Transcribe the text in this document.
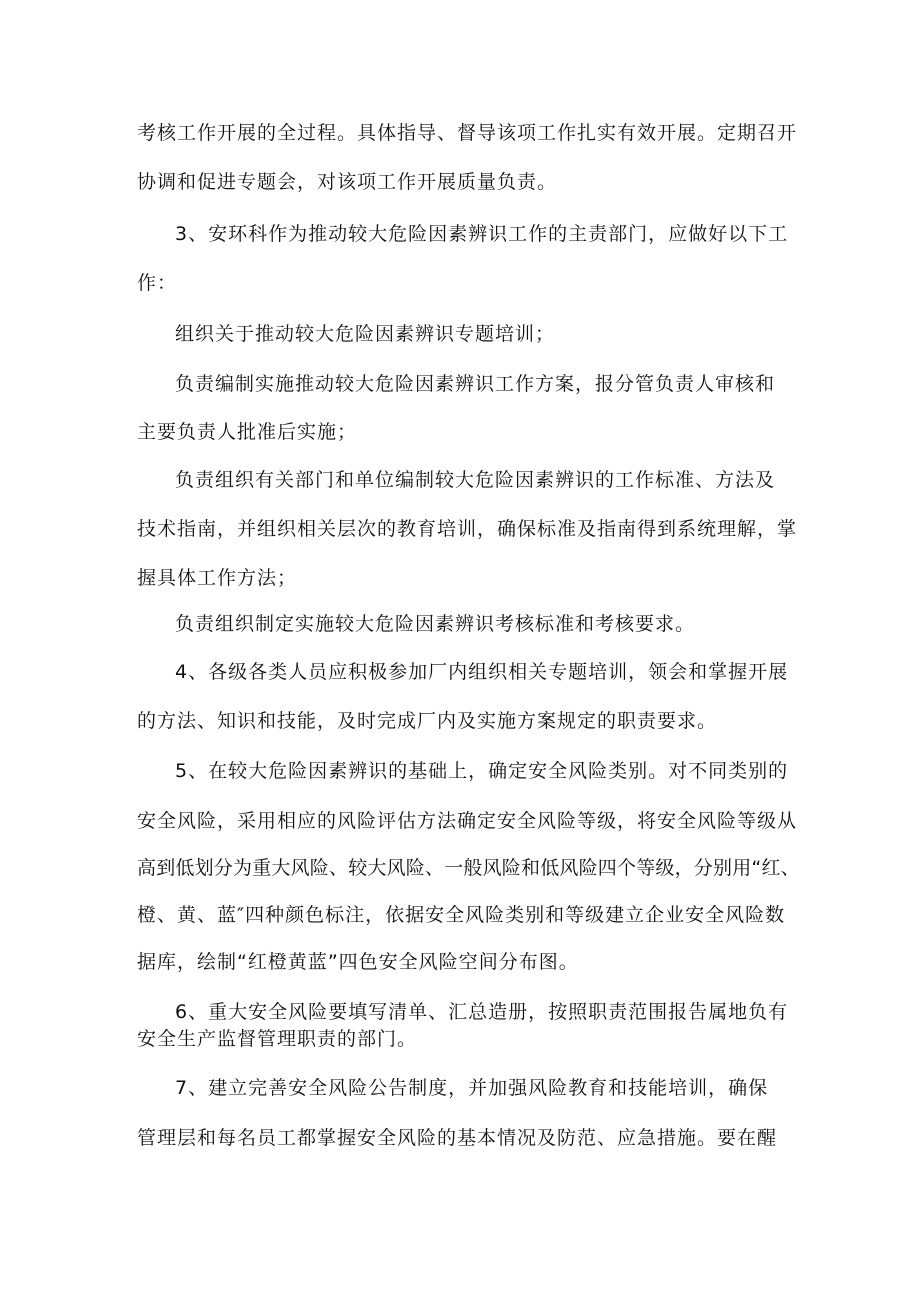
考核工作开展的全过程。具体指导、督导该项工作扎实有效开展。定期召开

协调和促进专题会，对该项工作开展质量负责。

3、安环科作为推动较大危险因素辨识工作的主责部门，应做好以下工

作：

组织关于推动较大危险因素辨识专题培训；

负责编制实施推动较大危险因素辨识工作方案，报分管负责人审核和

主要负责人批准后实施；

负责组织有关部门和单位编制较大危险因素辨识的工作标准、方法及

技术指南，并组织相关层次的教育培训，确保标准及指南得到系统理解，掌

握具体工作方法；

负责组织制定实施较大危险因素辨识考核标准和考核要求。

4、各级各类人员应积极参加厂内组织相关专题培训，领会和掌握开展

的方法、知识和技能，及时完成厂内及实施方案规定的职责要求。

5、在较大危险因素辨识的基础上，确定安全风险类别。对不同类别的

安全风险，采用相应的风险评估方法确定安全风险等级，将安全风险等级从

高到低划分为重大风险、较大风险、一般风险和低风险四个等级，分别用“红、

橙、黄、蓝″四种颜色标注，依据安全风险类别和等级建立企业安全风险数

据库，绘制“红橙黄蓝”四色安全风险空间分布图。

6、重大安全风险要填写清单、汇总造册，按照职责范围报告属地负有

安全生产监督管理职责的部门。

7、建立完善安全风险公告制度，并加强风险教育和技能培训，确保

管理层和每名员工都掌握安全风险的基本情况及防范、应急措施。要在醒
